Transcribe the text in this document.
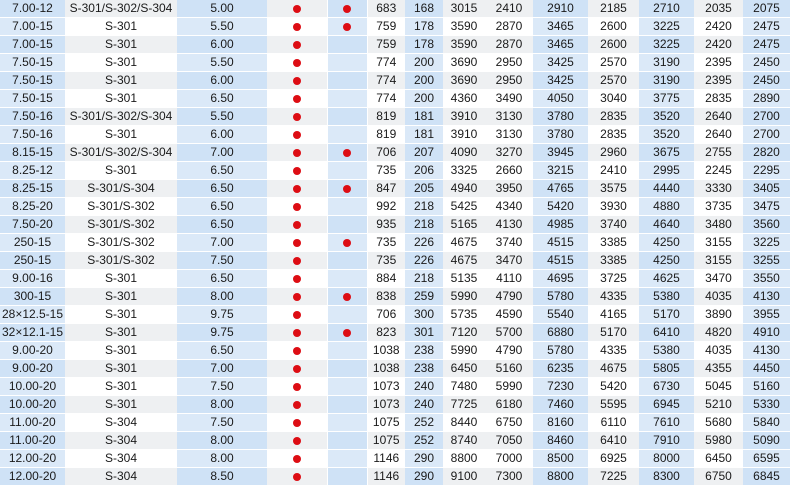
7.00-12	S-301/S-302/S-304	5.00			683	168	3015	2410	2910	2185	2710	2035	2075
7.00-15	S-301	5.50			759	178	3590	2870	3465	2600	3225	2420	2475
7.00-15	S-301	6.00			759	178	3590	2870	3465	2600	3225	2420	2475
7.50-15	S-301	5.50			774	200	3690	2950	3425	2570	3190	2395	2450
7.50-15	S-301	6.00			774	200	3690	2950	3425	2570	3190	2395	2450
7.50-15	S-301	6.50			774	200	4360	3490	4050	3040	3775	2835	2890
7.50-16	S-301/S-302/S-304	5.50			819	181	3910	3130	3780	2835	3520	2640	2700
7.50-16	S-301	6.00			819	181	3910	3130	3780	2835	3520	2640	2700
8.15-15	S-301/S-302/S-304	7.00			706	207	4090	3270	3945	2960	3675	2755	2820
8.25-12	S-301	6.50			735	206	3325	2660	3215	2410	2995	2245	2295
8.25-15	S-301/S-304	6.50			847	205	4940	3950	4765	3575	4440	3330	3405
8.25-20	S-301/S-302	6.50			992	218	5425	4340	5420	3930	4880	3735	3475
7.50-20	S-301/S-302	6.50			935	218	5165	4130	4985	3740	4640	3480	3560
250-15	S-301/S-302	7.00			735	226	4675	3740	4515	3385	4250	3155	3225
250-15	S-301/S-302	7.50			735	226	4675	3470	4515	3385	4250	3155	3255
9.00-16	S-301	6.50			884	218	5135	4110	4695	3725	4625	3470	3550
300-15	S-301	8.00			838	259	5990	4790	5780	4335	5380	4035	4130
28×12.5-15	S-301	9.75			706	300	5735	4590	5540	4165	5170	3890	3955
32×12.1-15	S-301	9.75			823	301	7120	5700	6880	5170	6410	4820	4910
9.00-20	S-301	6.50			1038	238	5990	4790	5780	4335	5380	4035	4130
9.00-20	S-301	7.00			1038	238	6450	5160	6235	4675	5805	4355	4450
10.00-20	S-301	7.50			1073	240	7480	5990	7230	5420	6730	5045	5160
10.00-20	S-301	8.00			1073	240	7725	6180	7460	5595	6945	5210	5330
11.00-20	S-304	7.50			1075	252	8440	6750	8160	6110	7610	5680	5840
11.00-20	S-304	8.00			1075	252	8740	7050	8460	6410	7910	5980	5090
12.00-20	S-304	8.00			1146	290	8800	7000	8500	6925	8000	6450	6595
12.00-20	S-304	8.50			1146	290	9100	7300	8800	7225	8300	6750	6845
